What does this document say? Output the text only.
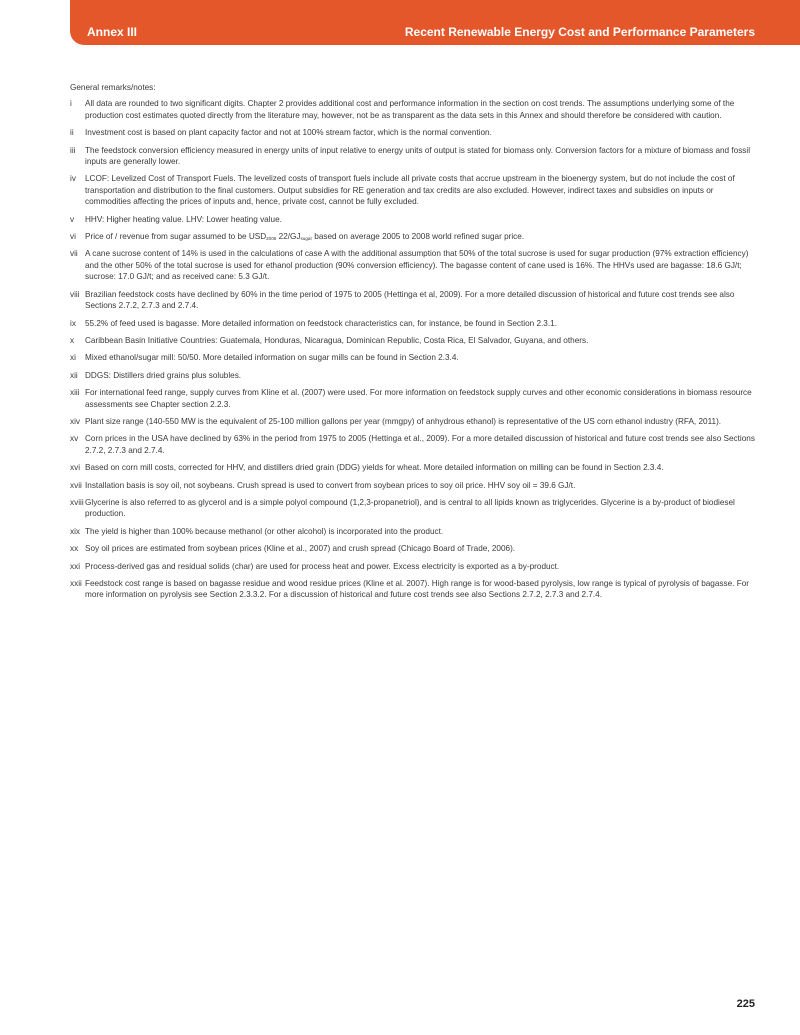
Annex III	Recent Renewable Energy Cost and Performance Parameters

General remarks/notes:

i All data are rounded to two significant digits. Chapter 2 provides additional cost and performance information in the section on cost trends. The assumptions underlying some of the production cost estimates quoted directly from the literature may, however, not be as transparent as the data sets in this Annex and should therefore be considered with caution.
ii Investment cost is based on plant capacity factor and not at 100% stream factor, which is the normal convention.
iii The feedstock conversion efficiency measured in energy units of input relative to energy units of output is stated for biomass only. Conversion factors for a mixture of biomass and fossil inputs are generally lower.
iv LCOF: Levelized Cost of Transport Fuels. The levelized costs of transport fuels include all private costs that accrue upstream in the bioenergy system, but do not include the cost of transportation and distribution to the final customers. Output subsidies for RE generation and tax credits are also excluded. However, indirect taxes and subsidies on inputs or commodities affecting the prices of inputs and, hence, private cost, cannot be fully excluded.
v HHV: Higher heating value. LHV: Lower heating value.
vi Price of / revenue from sugar assumed to be $USD_{2005}$ $22/GJ_{sugar}$ based on average 2005 to 2008 world refined sugar price.
vii A cane sucrose content of 14% is used in the calculations of case A with the additional assumption that 50% of the total sucrose is used for sugar production (97% extraction efficiency) and the other 50% of the total sucrose is used for ethanol production (90% conversion efficiency). The bagasse content of cane used is 16%. The HHVs used are bagasse: 18.6 GJ/t; sucrose: 17.0 GJ/t; and as received cane: 5.3 GJ/t.
viii Brazilian feedstock costs have declined by 60% in the time period of 1975 to 2005 (Hettinga et al, 2009). For a more detailed discussion of historical and future cost trends see also Sections 2.7.2, 2.7.3 and 2.7.4.
ix 55.2% of feed used is bagasse. More detailed information on feedstock characteristics can, for instance, be found in Section 2.3.1.
x Caribbean Basin Initiative Countries: Guatemala, Honduras, Nicaragua, Dominican Republic, Costa Rica, El Salvador, Guyana, and others.
xi Mixed ethanol/sugar mill: 50/50. More detailed information on sugar mills can be found in Section 2.3.4.
xii DDGS: Distillers dried grains plus solubles.
xiii For international feed range, supply curves from Kline et al. (2007) were used. For more information on feedstock supply curves and other economic considerations in biomass resource assessments see Chapter section 2.2.3.
xiv Plant size range (140-550 MW is the equivalent of 25-100 million gallons per year (mmgpy) of anhydrous ethanol) is representative of the US corn ethanol industry (RFA, 2011).
xv Corn prices in the USA have declined by 63% in the period from 1975 to 2005 (Hettinga et al., 2009). For a more detailed discussion of historical and future cost trends see also Sections 2.7.2, 2.7.3 and 2.7.4.
xvi Based on corn mill costs, corrected for HHV, and distillers dried grain (DDG) yields for wheat. More detailed information on milling can be found in Section 2.3.4.
xvii Installation basis is soy oil, not soybeans. Crush spread is used to convert from soybean prices to soy oil price. HHV soy oil = 39.6 GJ/t.
xviii Glycerine is also referred to as glycerol and is a simple polyol compound (1,2,3-propanetriol), and is central to all lipids known as triglycerides. Glycerine is a by-product of biodiesel production.
xix The yield is higher than 100% because methanol (or other alcohol) is incorporated into the product.
xx Soy oil prices are estimated from soybean prices (Kline et al., 2007) and crush spread (Chicago Board of Trade, 2006).
xxi Process-derived gas and residual solids (char) are used for process heat and power. Excess electricity is exported as a by-product.
xxii Feedstock cost range is based on bagasse residue and wood residue prices (Kline et al. 2007). High range is for wood-based pyrolysis, low range is typical of pyrolysis of bagasse. For more information on pyrolysis see Section 2.3.3.2. For a discussion of historical and future cost trends see also Sections 2.7.2, 2.7.3 and 2.7.4.
225
